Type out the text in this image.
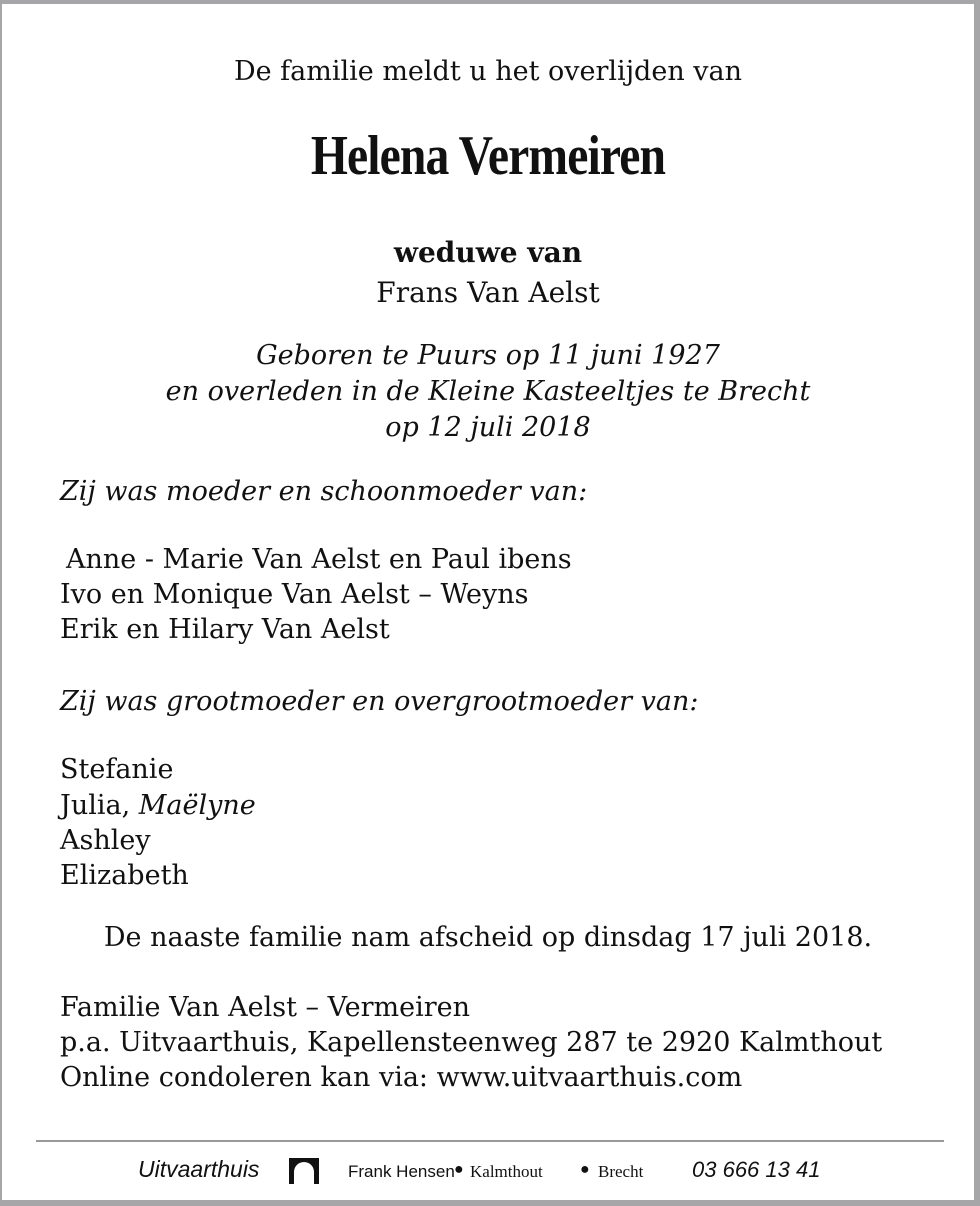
De familie meldt u het overlijden van
Helena Vermeiren
weduwe van
Frans Van Aelst
Geboren te Puurs op 11 juni 1927
en overleden in de Kleine Kasteeltjes te Brecht
op 12 juli 2018
Zij was moeder en schoonmoeder van:
Anne - Marie Van Aelst en Paul ibens
Ivo en Monique Van Aelst – Weyns
Erik en Hilary Van Aelst
Zij was grootmoeder en overgrootmoeder van:
Stefanie
Julia, Maëlyne
Ashley
Elizabeth
De naaste familie nam afscheid op dinsdag 17 juli 2018.
Familie Van Aelst – Vermeiren
p.a. Uitvaarthuis, Kapellensteenweg 287 te 2920 Kalmthout
Online condoleren kan via: www.uitvaarthuis.com
Uitvaarthuis	Frank Hensen ● Kalmthout ● Brecht 03 666 13 41
